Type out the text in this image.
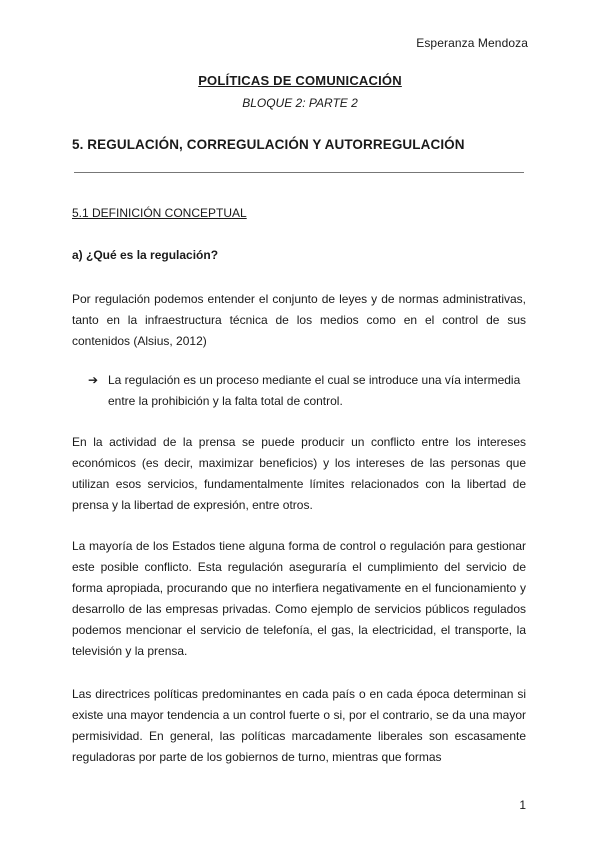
Esperanza Mendoza
POLÍTICAS DE COMUNICACIÓN
BLOQUE 2: PARTE 2
5. REGULACIÓN, CORREGULACIÓN Y AUTORREGULACIÓN
5.1 DEFINICIÓN CONCEPTUAL
a) ¿Qué es la regulación?
Por regulación podemos entender el conjunto de leyes y de normas administrativas, tanto en la infraestructura técnica de los medios como en el control de sus contenidos (Alsius, 2012)
➔ La regulación es un proceso mediante el cual se introduce una vía intermedia entre la prohibición y la falta total de control.
En la actividad de la prensa se puede producir un conflicto entre los intereses económicos (es decir, maximizar beneficios) y los intereses de las personas que utilizan esos servicios, fundamentalmente límites relacionados con la libertad de prensa y la libertad de expresión, entre otros.
La mayoría de los Estados tiene alguna forma de control o regulación para gestionar este posible conflicto. Esta regulación aseguraría el cumplimiento del servicio de forma apropiada, procurando que no interfiera negativamente en el funcionamiento y desarrollo de las empresas privadas. Como ejemplo de servicios públicos regulados podemos mencionar el servicio de telefonía, el gas, la electricidad, el transporte, la televisión y la prensa.
Las directrices políticas predominantes en cada país o en cada época determinan si existe una mayor tendencia a un control fuerte o si, por el contrario, se da una mayor permisividad. En general, las políticas marcadamente liberales son escasamente reguladoras por parte de los gobiernos de turno, mientras que formas
1
